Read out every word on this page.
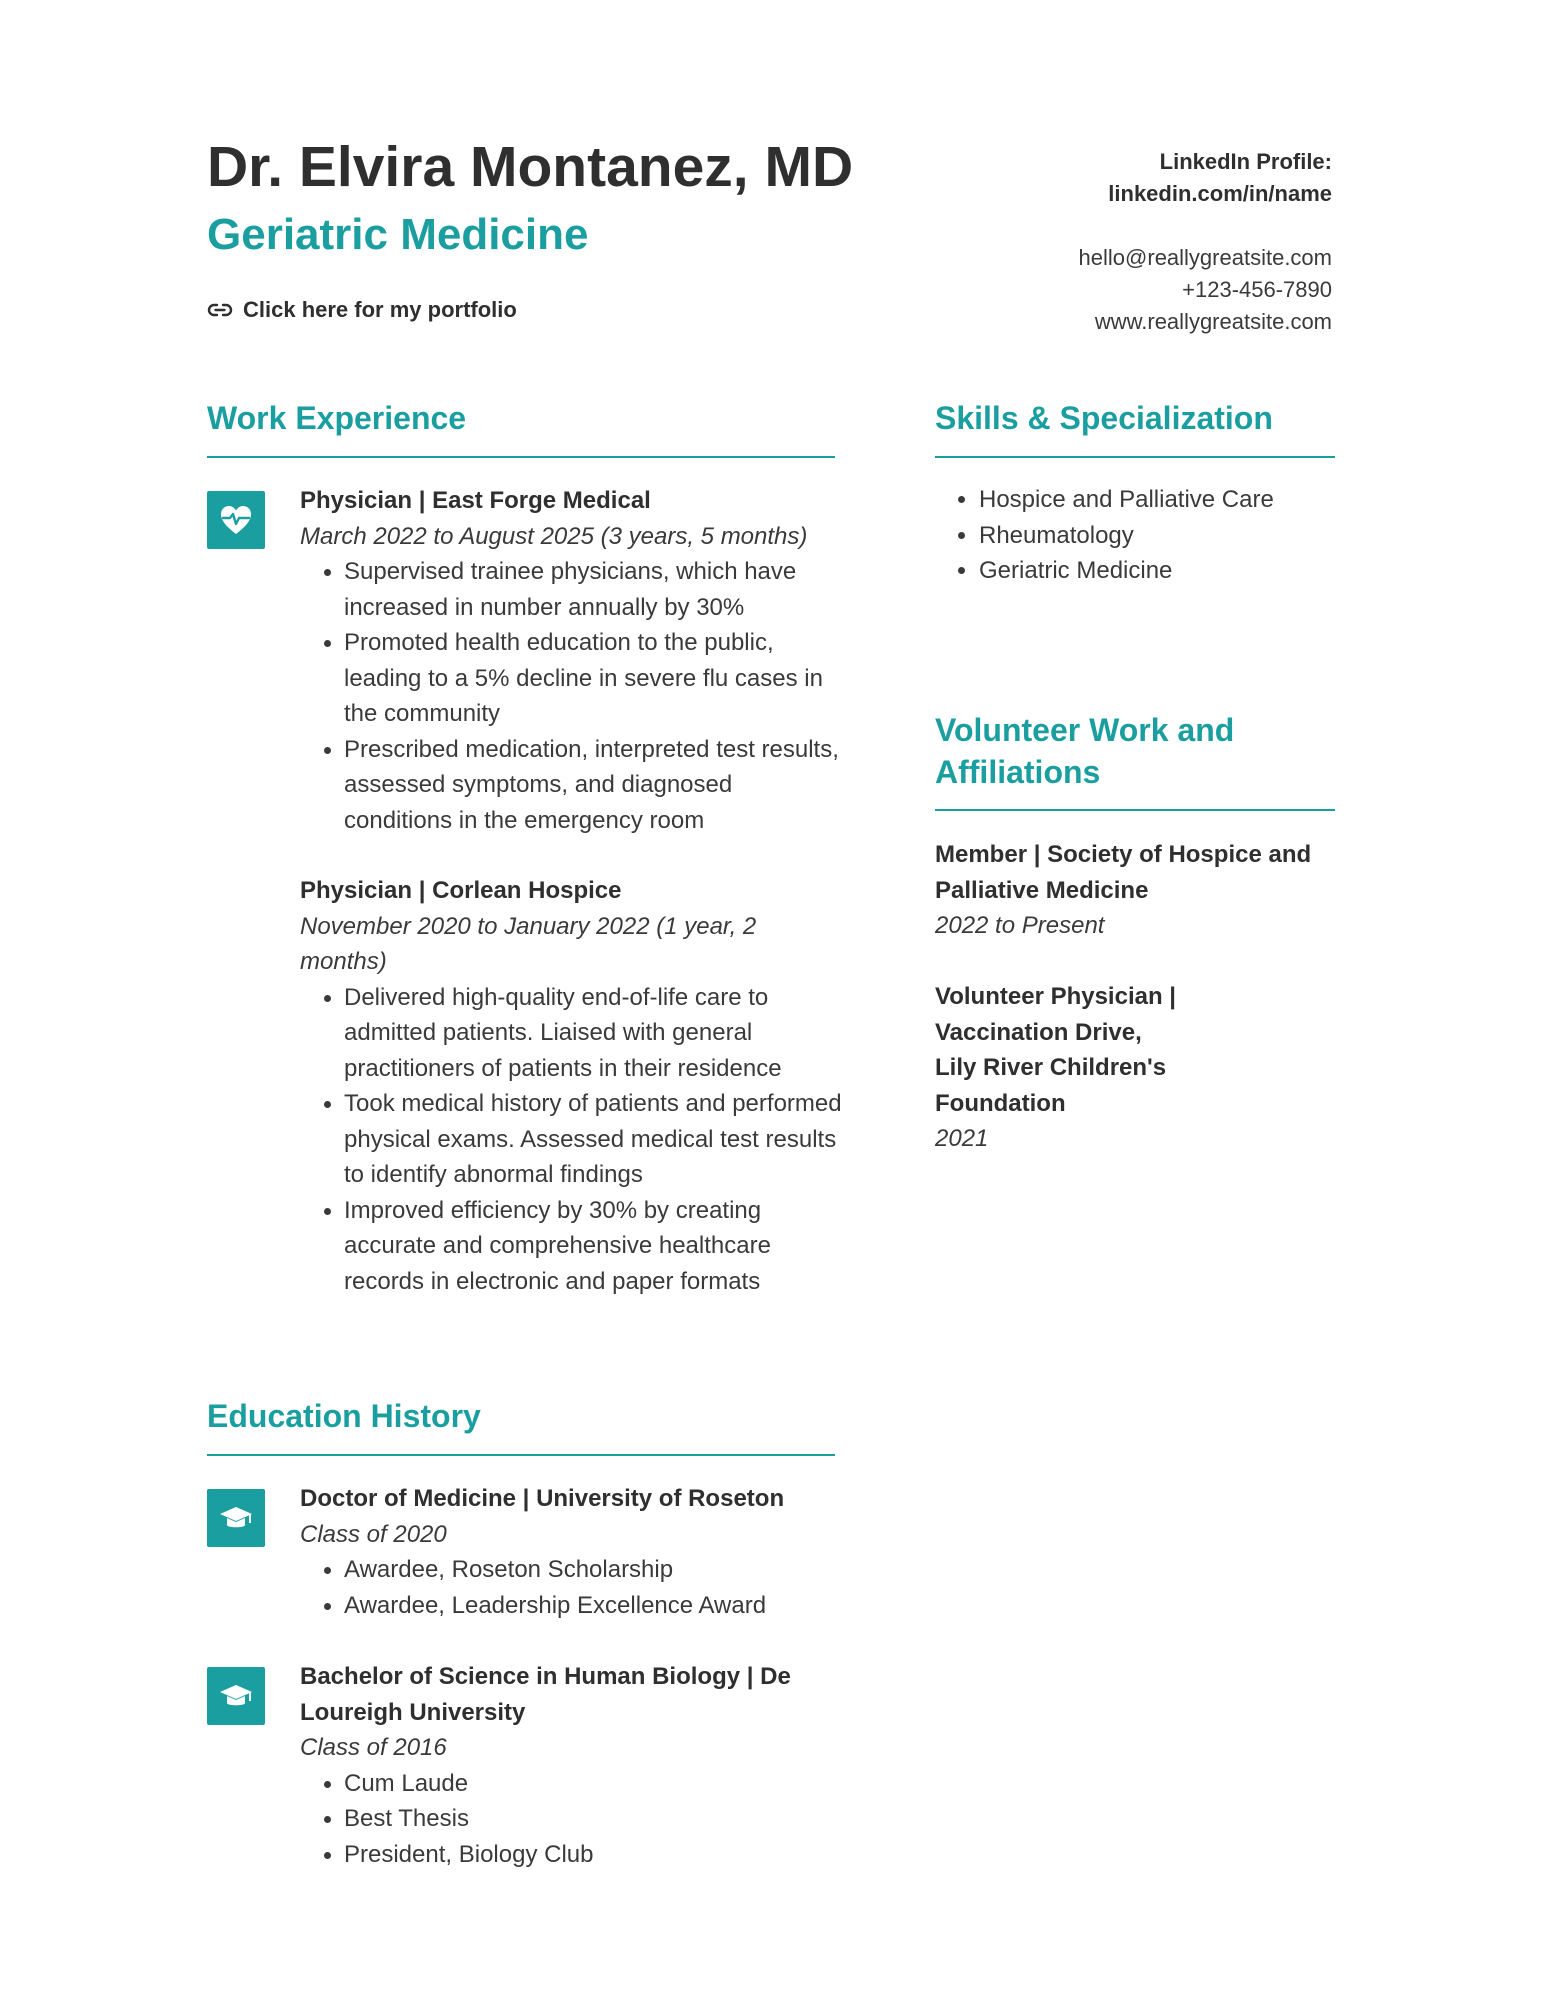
Dr. Elvira Montanez, MD
Geriatric Medicine
Click here for my portfolio
LinkedIn Profile:
linkedin.com/in/name
hello@reallygreatsite.com
+123-456-7890
www.reallygreatsite.com
Work Experience

Physician | East Forge Medical

March 2022 to August 2025 (3 years, 5 months)

• Supervised trainee physicians, which have increased in number annually by 30%
• Promoted health education to the public, leading to a 5% decline in severe flu cases in the community
• Prescribed medication, interpreted test results, assessed symptoms, and diagnosed conditions in the emergency room

Physician | Corlean Hospice

November 2020 to January 2022 (1 year, 2 months)

• Delivered high-quality end-of-life care to admitted patients. Liaised with general practitioners of patients in their residence
• Took medical history of patients and performed physical exams. Assessed medical test results to identify abnormal findings
• Improved efficiency by 30% by creating accurate and comprehensive healthcare records in electronic and paper formats
Education History

Doctor of Medicine | University of Roseton

Class of 2020

• Awardee, Roseton Scholarship
• Awardee, Leadership Excellence Award

Bachelor of Science in Human Biology | De Loureigh University

Class of 2016

• Cum Laude
• Best Thesis
• President, Biology Club
Skills & Specialization
• Hospice and Palliative Care
• Rheumatology
• Geriatric Medicine
Volunteer Work and Affiliations

Member | Society of Hospice and Palliative Medicine

2022 to Present

Volunteer Physician | Vaccination Drive, Lily River Children's Foundation

2021
